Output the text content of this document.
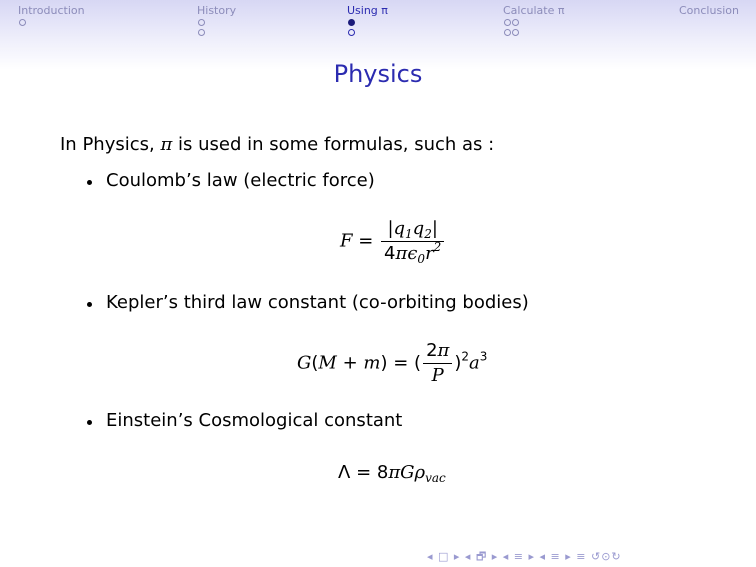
Introduction	History	Using π	Calculate π	Conclusion
Physics
In Physics, π is used in some formulas, such as :
Coulomb’s law (electric force)
$F = \frac{|q_1q_2|}{4\pi\epsilon_0r^2}$
Kepler’s third law constant (co-orbiting bodies)
G(M + m) = ( $\frac{2\pi}{P} )^2a^3$
Einstein’s Cosmological constant
Λ = 8πGρ$_{vac}$
◂ □ ▸ ◂ 🗗 ▸ ◂ ≡ ▸ ◂ ≡ ▸ ≡ ↺⊙↻
